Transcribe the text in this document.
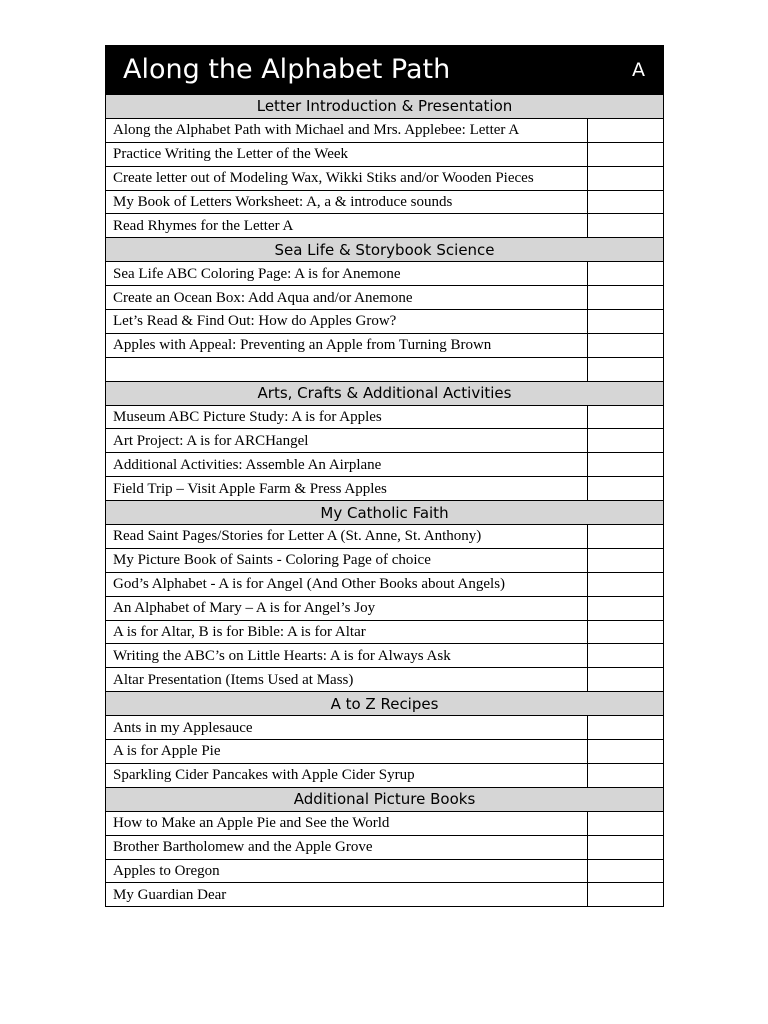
A
Along the Alphabet Path	
Letter Introduction & Presentation	
Along the Alphabet Path with Michael and Mrs. Applebee: Letter A	
Practice Writing the Letter of the Week	
Create letter out of Modeling Wax, Wikki Stiks and/or Wooden Pieces	
My Book of Letters Worksheet: A, a & introduce sounds	
Read Rhymes for the Letter A	
Sea Life & Storybook Science	
Sea Life ABC Coloring Page: A is for Anemone	
Create an Ocean Box: Add Aqua and/or Anemone	
Let’s Read & Find Out: How do Apples Grow?	
Apples with Appeal: Preventing an Apple from Turning Brown	

Arts, Crafts & Additional Activities	
Museum ABC Picture Study: A is for Apples	
Art Project: A is for ARCHangel	
Additional Activities: Assemble An Airplane	
Field Trip – Visit Apple Farm & Press Apples	
My Catholic Faith	
Read Saint Pages/Stories for Letter A (St. Anne, St. Anthony)	
My Picture Book of Saints - Coloring Page of choice	
God’s Alphabet - A is for Angel (And Other Books about Angels)	
An Alphabet of Mary – A is for Angel’s Joy	
A is for Altar, B is for Bible: A is for Altar	
Writing the ABC’s on Little Hearts: A is for Always Ask	
Altar Presentation (Items Used at Mass)	
A to Z Recipes	
Ants in my Applesauce	
A is for Apple Pie	
Sparkling Cider Pancakes with Apple Cider Syrup	
Additional Picture Books	
How to Make an Apple Pie and See the World	
Brother Bartholomew and the Apple Grove	
Apples to Oregon	
My Guardian Dear	
